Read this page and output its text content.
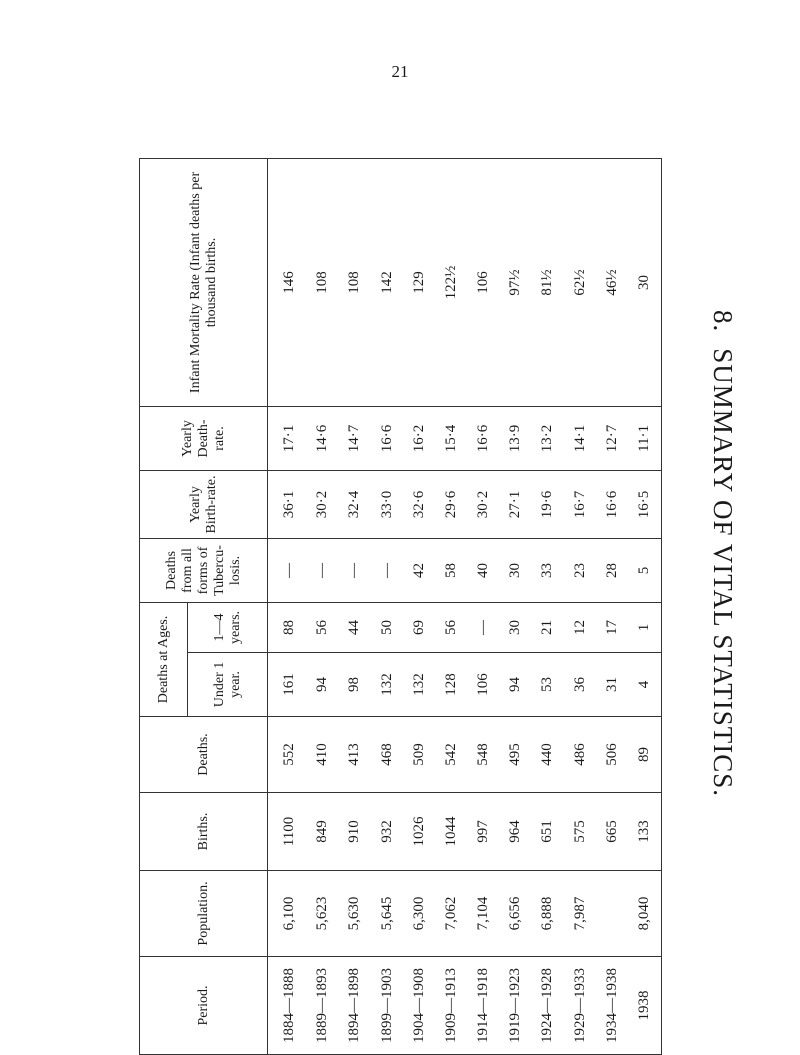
21
8.SUMMARY OF VITAL STATISTICS.
Period.	Population.	Births.	Deaths.	Deaths at Ages.		Deaths from all forms of Tubercu-losis.	Yearly Birth-rate.	Yearly Death-rate.	Infant Mortality Rate (Infant deaths per thousand births.
				Under 1 year.	1—4 years.				
1884—1888	6,100	1100	552	161	88	—	36·1	17·1	146
1889—1893	5,623	849	410	94	56	—	30·2	14·6	108
1894—1898	5,630	910	413	98	44	—	32·4	14·7	108
1899—1903	5,645	932	468	132	50	—	33·0	16·6	142
1904—1908	6,300	1026	509	132	69	42	32·6	16·2	129
1909—1913	7,062	1044	542	128	56	58	29·6	15·4	122½
1914—1918	7,104	997	548	106	—	40	30·2	16·6	106
1919—1923	6,656	964	495	94	30	30	27·1	13·9	97½
1924—1928	6,888	651	440	53	21	33	19·6	13·2	81½
1929—1933	7,987	575	486	36	12	23	16·7	14·1	62½
1934—1938		665	506	31	17	28	16·6	12·7	46½
1938	8,040	133	89	4	1	5	16·5	11·1	30
